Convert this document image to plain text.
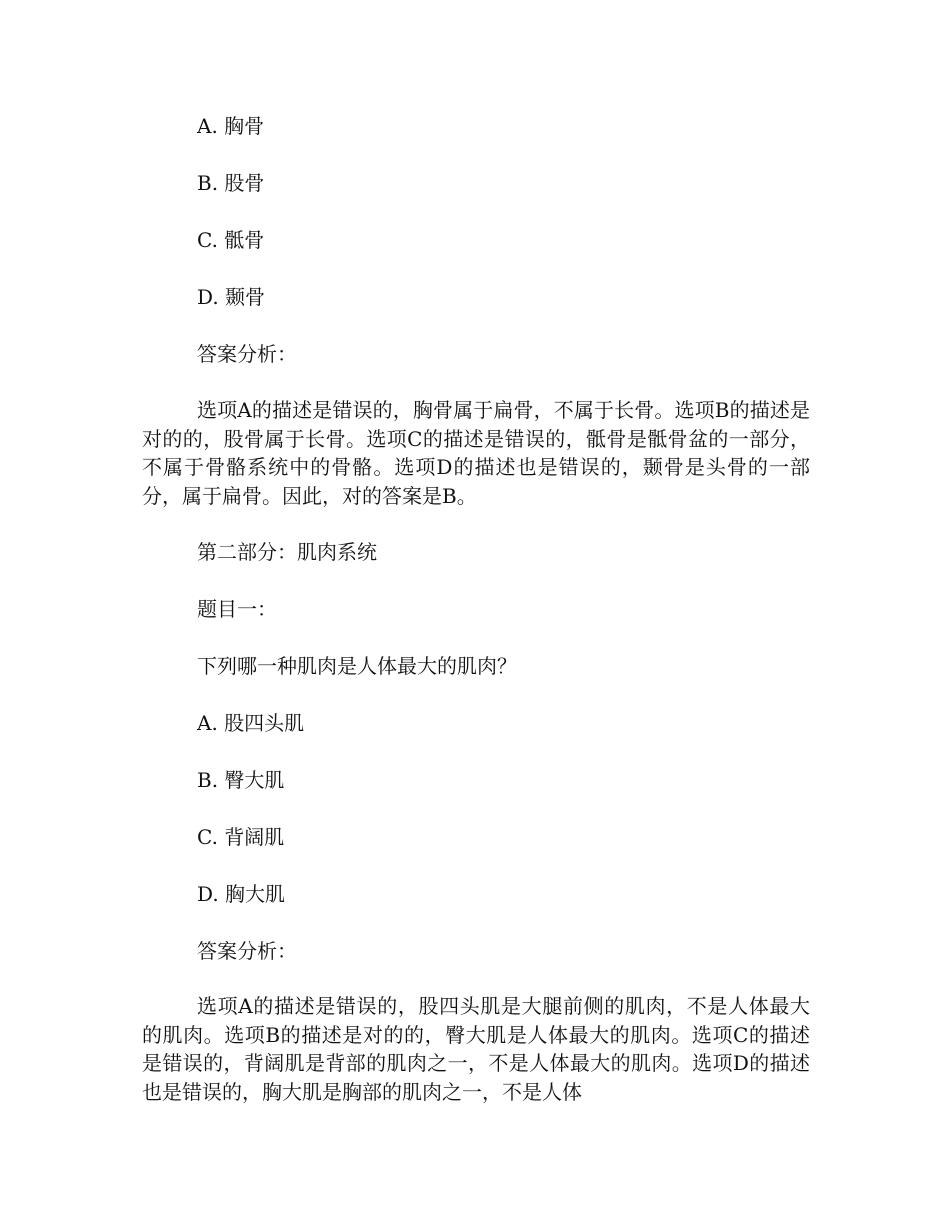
A. 胸骨
B. 股骨
C. 骶骨
D. 颞骨
答案分析：
选项A的描述是错误的，胸骨属于扁骨，不属于长骨。选项B的描述是对的的，股骨属于长骨。选项C的描述是错误的，骶骨是骶骨盆的一部分，不属于骨骼系统中的骨骼。选项D的描述也是错误的，颞骨是头骨的一部分，属于扁骨。因此，对的答案是B。
第二部分：肌肉系统
题目一：
下列哪一种肌肉是人体最大的肌肉？
A. 股四头肌
B. 臀大肌
C. 背阔肌
D. 胸大肌
答案分析：
选项A的描述是错误的，股四头肌是大腿前侧的肌肉，不是人体最大的肌肉。选项B的描述是对的的，臀大肌是人体最大的肌肉。选项C的描述是错误的，背阔肌是背部的肌肉之一，不是人体最大的肌肉。选项D的描述也是错误的，胸大肌是胸部的肌肉之一，不是人体
